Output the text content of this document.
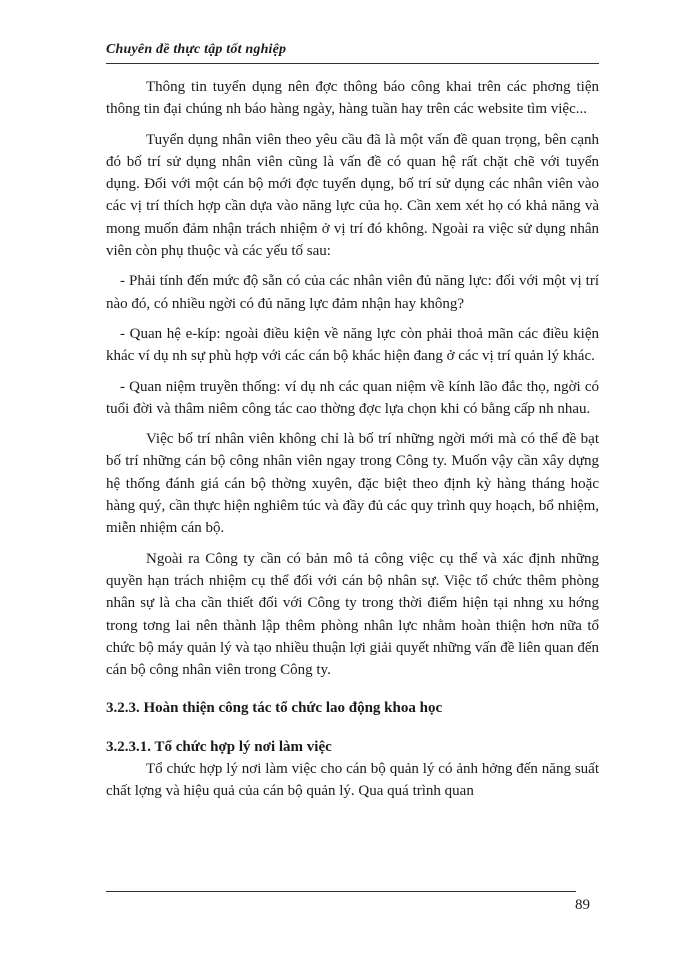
Chuyên đề thực tập tốt nghiệp

Thông tin tuyển dụng nên đợc thông báo công khai trên các phơng tiện thông tin đại chúng nh báo hàng ngày, hàng tuần hay trên các website tìm việc...

Tuyển dụng nhân viên theo yêu cầu đã là một vấn đề quan trọng, bên cạnh đó bố trí sử dụng nhân viên cũng là vấn đề có quan hệ rất chặt chẽ với tuyển dụng. Đối với một cán bộ mới đợc tuyển dụng, bố trí sử dụng các nhân viên vào các vị trí thích hợp cần dựa vào năng lực của họ. Cần xem xét họ có khả năng và mong muốn đảm nhận trách nhiệm ở vị trí đó không. Ngoài ra việc sử dụng nhân viên còn phụ thuộc và các yếu tố sau:

- Phải tính đến mức độ sẵn có của các nhân viên đủ năng lực: đối với một vị trí nào đó, có nhiều ngời có đủ năng lực đảm nhận hay không?

- Quan hệ e-kíp: ngoài điều kiện về năng lực còn phải thoả mãn các điều kiện khác ví dụ nh sự phù hợp với các cán bộ khác hiện đang ở các vị trí quản lý khác.

- Quan niệm truyền thống: ví dụ nh các quan niệm về kính lão đắc thọ, ngời có tuổi đời và thâm niêm công tác cao thờng đợc lựa chọn khi có bằng cấp nh nhau.

Việc bố trí nhân viên không chỉ là bố trí những ngời mới mà có thể đề bạt bố trí những cán bộ công nhân viên ngay trong Công ty. Muốn vậy cần xây dựng hệ thống đánh giá cán bộ thờng xuyên, đặc biệt theo định kỳ hàng tháng hoặc hàng quý, cần thực hiện nghiêm túc và đầy đủ các quy trình quy hoạch, bổ nhiệm, miễn nhiệm cán bộ.

Ngoài ra Công ty cần có bản mô tả công việc cụ thể và xác định những quyền hạn trách nhiệm cụ thể đối với cán bộ nhân sự. Việc tổ chức thêm phòng nhân sự là cha cần thiết đối với Công ty trong thời điểm hiện tại nhng xu hớng trong tơng lai nên thành lập thêm phòng nhân lực nhằm hoàn thiện hơn nữa tổ chức bộ máy quản lý và tạo nhiều thuận lợi giải quyết những vấn đề liên quan đến cán bộ công nhân viên trong Công ty.

3.2.3. Hoàn thiện công tác tổ chức lao động khoa học

3.2.3.1. Tổ chức hợp lý nơi làm việc

Tổ chức hợp lý nơi làm việc cho cán bộ quản lý có ảnh hởng đến năng suất chất lợng và hiệu quả của cán bộ quản lý. Qua quá trình quan

89
